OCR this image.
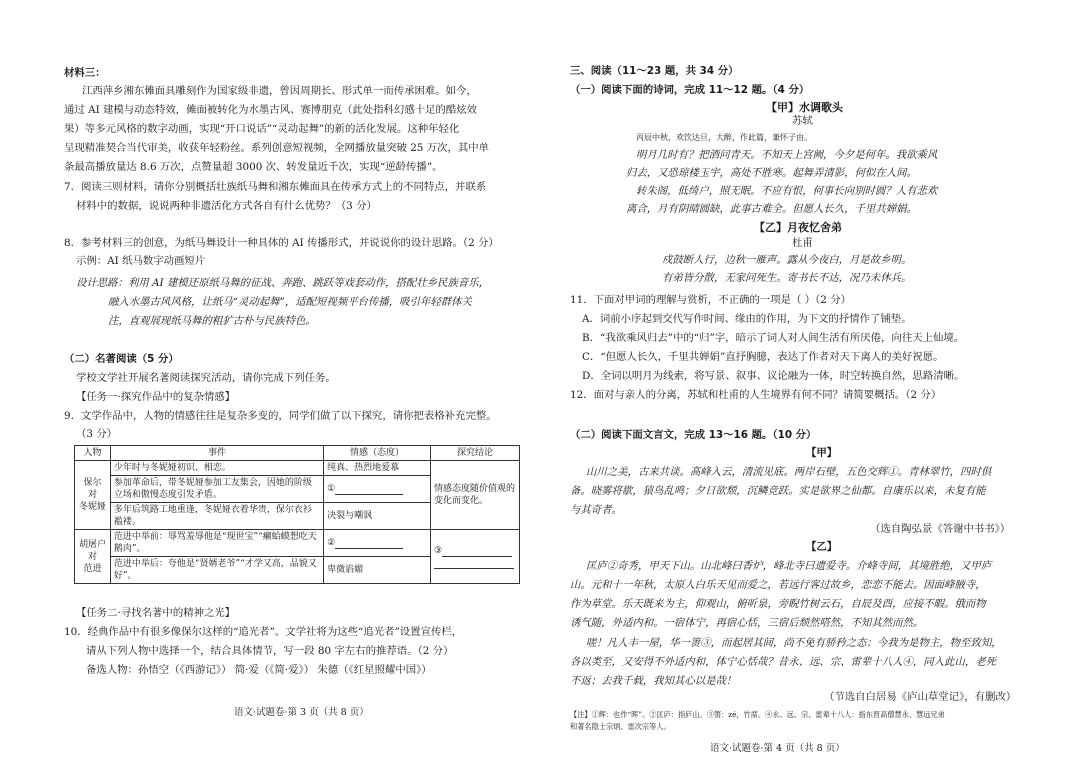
材料三：
江西萍乡湘东傩面具雕刻作为国家级非遗，曾因周期长、形式单一而传承困难。如今，
通过 AI 建模与动态特效，傩面被转化为水墨古风、赛博朋克（此处指科幻感十足的酷炫效
果）等多元风格的数字动画，实现“开口说话”“灵动起舞”的新的活化发展。这种年轻化
呈现精准契合当代审美，收获年轻粉丝。系列创意短视频，全网播放量突破 25 万次，其中单
条最高播放量达 8.6 万次，点赞量超 3000 次、转发量近千次，实现“逆龄传播”。
7．阅读三则材料，请你分别概括壮族纸马舞和湘东傩面具在传承方式上的不同特点，并联系
材料中的数据，说说两种非遗活化方式各自有什么优势？（3 分）
8．参考材料三的创意，为纸马舞设计一种具体的 AI 传播形式，并说说你的设计思路。（2 分）
示例：AI 纸马数字动画短片
设计思路：利用 AI 建模还原纸马舞的征战、奔跑、跳跃等戏套动作，搭配壮乡民族音乐，
融入水墨古风风格，让纸马“灵动起舞”，适配短视频平台传播，吸引年轻群体关
注，直观展现纸马舞的粗犷古朴与民族特色。
（二）名著阅读（5 分）
学校文学社开展名著阅读探究活动，请你完成下列任务。
【任务一·探究作品中的复杂情感】
9．文学作品中，人物的情感往往是复杂多变的，同学们做了以下探究，请你把表格补充完整。
（3 分）
人物	事件	情感（态度）	探究结论
保尔
对
冬妮娅	少年时与冬妮娅初识、相恋。	纯真、热烈地爱慕	情感态度随价值观的变化而变化。
	参加革命后，带冬妮娅参加工友集会，因她的阶级立场和傲慢态度引发矛盾。	①	
	多年后筑路工地重逢，冬妮娅衣着华贵，保尔衣衫褴褛。	决裂与嘲讽	
胡屠户
对
范进	范进中举前：辱骂羞辱他是“现世宝”“癞蛤蟆想吃天鹅肉”。	②	③

	范进中举后：夸他是“贤婿老爷”“才学又高，品貌又好”。	卑微谄媚	
【任务二·寻找名著中的精神之光】
10．经典作品中有很多像保尔这样的“追光者”。文学社将为这些“追光者”设置宣传栏，
请从下列人物中选择一个，结合具体情节，写一段 80 字左右的推荐语。（2 分）
备选人物：孙悟空（《西游记》） 简·爱（《简·爱》） 朱德（《红星照耀中国》）
语文·试题卷·第 3 页（共 8 页）
三、阅读（11～23 题，共 34 分）
（一）阅读下面的诗词，完成 11～12 题。（4 分）
【甲】水调歌头
苏轼
丙辰中秋，欢饮达旦，大醉，作此篇，兼怀子由。
明月几时有？把酒问青天。不知天上宫阙，今夕是何年。我欲乘风
归去，又恐琼楼玉宇，高处不胜寒。起舞弄清影，何似在人间。
转朱阁，低绮户，照无眠。不应有恨，何事长向别时圆？人有悲欢
离合，月有阴晴圆缺，此事古难全。但愿人长久，千里共婵娟。
【乙】月夜忆舍弟
杜甫
戍鼓断人行，边秋一雁声。露从今夜白，月是故乡明。
有弟皆分散，无家问死生。寄书长不达，况乃未休兵。
11．下面对甲词的理解与赏析，不正确的一项是（ ）（2 分）
A．词前小序起到交代写作时间、缘由的作用，为下文的抒情作了铺垫。
B．“我欲乘风归去”中的“归”字，暗示了词人对人间生活有所厌倦，向往天上仙境。
C．“但愿人长久，千里共婵娟”直抒胸臆，表达了作者对天下离人的美好祝愿。
D．全词以明月为线索，将写景、叙事、议论融为一体，时空转换自然，思路清晰。
12．面对与亲人的分离，苏轼和杜甫的人生境界有何不同？请简要概括。（2 分）
（二）阅读下面文言文，完成 13～16 题。（10 分）
【甲】
山川之美，古来共谈。高峰入云，清流见底。两岸石壁，五色交辉①。青林翠竹，四时俱
备。晓雾将歇，猿鸟乱鸣；夕日欲颓，沉鳞竞跃。实是欲界之仙都。自康乐以来，未复有能
与其奇者。
（选自陶弘景《答谢中书书》）
【乙】
匡庐②奇秀，甲天下山。山北峰曰香炉，峰北寺曰遗爱寺。介峰寺间，其境胜绝，又甲庐
山。元和十一年秋，太原人白乐天见而爱之，若远行客过故乡，恋恋不能去。因面峰腋寺，
作为草堂。乐天既来为主，仰观山，俯听泉，旁睨竹树云石，自辰及酉，应接不暇。俄而物
诱气随，外适内和。一宿体宁，再宿心恬，三宿后颓然嗒然，不知其然而然。
嗟！凡人丰一屋，华一箦③，而起居其间，尚不免有骄矜之态；今我为是物主，物至致知，
各以类至，又安得不外适内和，体宁心恬哉？昔永、远、宗、雷辈十八人④，同入此山，老死
不返；去我千载，我知其心以是哉！
（节选自白居易《庐山草堂记》，有删改）
【注】①辉：也作“晖”。②匡庐：指庐山。③箦：zé，竹席。④永、远、宗、雷辈十八人：指东晋高僧慧永、慧远兄弟
和著名隐士宗炳、雷次宗等人。
语文·试题卷·第 4 页（共 8 页）
